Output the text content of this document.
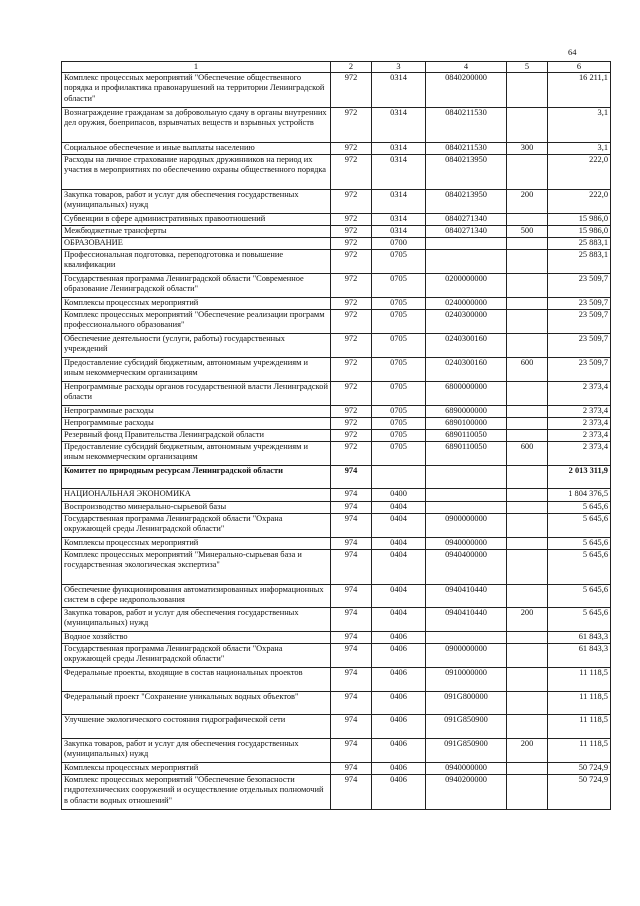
64
1	2	3	4	5	6
Комплекс процессных мероприятий "Обеспечение общественного порядка и профилактика правонарушений на территории Ленинградской области"	972	0314	0840200000		16 211,1
Вознаграждение гражданам за добровольную сдачу в органы внутренних дел оружия, боеприпасов, взрывчатых веществ и взрывных устройств	972	0314	0840211530		3,1
Социальное обеспечение и иные выплаты населению	972	0314	0840211530	300	3,1
Расходы на личное страхование народных дружинников на период их участия в мероприятиях по обеспечению охраны общественного порядка	972	0314	0840213950		222,0
Закупка товаров, работ и услуг для обеспечения государственных (муниципальных) нужд	972	0314	0840213950	200	222,0
Субвенции в сфере административных правоотношений	972	0314	0840271340		15 986,0
Межбюджетные трансферты	972	0314	0840271340	500	15 986,0
ОБРАЗОВАНИЕ	972	0700			25 883,1
Профессиональная подготовка, переподготовка и повышение квалификации	972	0705			25 883,1
Государственная программа Ленинградской области "Современное образование Ленинградской области"	972	0705	0200000000		23 509,7
Комплексы процессных мероприятий	972	0705	0240000000		23 509,7
Комплекс процессных мероприятий "Обеспечение реализации программ профессионального образования"	972	0705	0240300000		23 509,7
Обеспечение деятельности (услуги, работы) государственных учреждений	972	0705	0240300160		23 509,7
Предоставление субсидий бюджетным, автономным учреждениям и иным некоммерческим организациям	972	0705	0240300160	600	23 509,7
Непрограммные расходы органов государственной власти Ленинградской области	972	0705	6800000000		2 373,4
Непрограммные расходы	972	0705	6890000000		2 373,4
Непрограммные расходы	972	0705	6890100000		2 373,4
Резервный фонд Правительства Ленинградской области	972	0705	6890110050		2 373,4
Предоставление субсидий бюджетным, автономным учреждениям и иным некоммерческим организациям	972	0705	6890110050	600	2 373,4
Комитет по природным ресурсам Ленинградской области	974				2 013 311,9
НАЦИОНАЛЬНАЯ ЭКОНОМИКА	974	0400			1 804 376,5
Воспроизводство минерально-сырьевой базы	974	0404			5 645,6
Государственная программа Ленинградской области "Охрана окружающей среды Ленинградской области"	974	0404	0900000000		5 645,6
Комплексы процессных мероприятий	974	0404	0940000000		5 645,6
Комплекс процессных мероприятий "Минерально-сырьевая база и государственная экологическая экспертиза"	974	0404	0940400000		5 645,6
Обеспечение функционирования автоматизированных информационных систем в сфере недропользования	974	0404	0940410440		5 645,6
Закупка товаров, работ и услуг для обеспечения государственных (муниципальных) нужд	974	0404	0940410440	200	5 645,6
Водное хозяйство	974	0406			61 843,3
Государственная программа Ленинградской области "Охрана окружающей среды Ленинградской области"	974	0406	0900000000		61 843,3
Федеральные проекты, входящие в состав национальных проектов	974	0406	0910000000		11 118,5
Федеральный проект "Сохранение уникальных водных объектов"	974	0406	091G800000		11 118,5
Улучшение экологического состояния гидрографической сети	974	0406	091G850900		11 118,5
Закупка товаров, работ и услуг для обеспечения государственных (муниципальных) нужд	974	0406	091G850900	200	11 118,5
Комплексы процессных мероприятий	974	0406	0940000000		50 724,9
Комплекс процессных мероприятий "Обеспечение безопасности гидротехнических сооружений и осуществление отдельных полномочий в области водных отношений"	974	0406	0940200000		50 724,9
